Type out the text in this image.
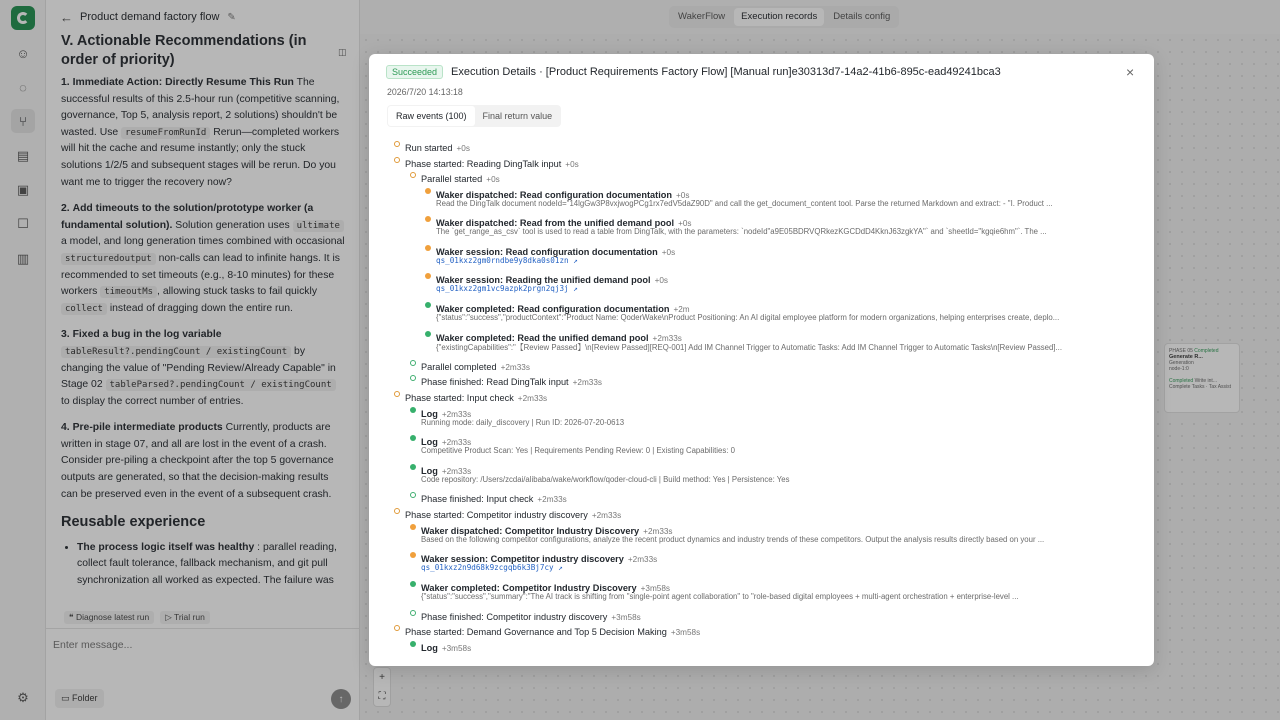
☺
◌
⑂
▤
▣
☐
▥
⚙
← Product demand factory flow ✎
◫
V. Actionable Recommendations (in order of priority)

1. Immediate Action: Directly Resume This Run The successful results of this 2.5-hour run (competitive scanning, governance, Top 5, analysis report, 2 solutions) shouldn't be wasted. Use resumeFromRunId Rerun—completed workers will hit the cache and resume instantly; only the stuck solutions 1/2/5 and subsequent stages will be rerun. Do you want me to trigger the recovery now?

2. Add timeouts to the solution/prototype worker (a fundamental solution). Solution generation uses ultimate a model, and long generation times combined with occasional structuredoutput non-calls can lead to infinite hangs. It is recommended to set timeouts (e.g., 8-10 minutes) for these workers timeoutMs , allowing stuck tasks to fail quickly collect instead of dragging down the entire run.

3. Fixed a bug in the log variable tableResult?.pendingCount / existingCount by changing the value of "Pending Review/Already Capable" in Stage 02 tableParsed?.pendingCount / existingCount to display the correct number of entries.

4. Pre-pile intermediate products Currently, products are written in stage 07, and all are lost in the event of a crash. Consider pre-piling a checkpoint after the top 5 governance outputs are generated, so that the decision-making results can be preserved even in the event of a subsequent crash.

Reusable experience
• The process logic itself was healthy : parallel reading, collect fault tolerance, fallback mechanism, and git pull synchronization all worked as expected. The failure was
❝ Diagnose latest run	▷ Trial run
Enter message...
▭ Folder	↑
WakerFlow	Execution records	Details config
PHASE 05 Completed
Generate R...
Generation
node-1:0
Completed Write int...
Complete Tasks · Tax Assist
+
⛶
Succeeded	Execution Details · [Product Requirements Factory Flow] [Manual run]e30313d7-14a2-41b6-895c-ead49241bca3	×
2026/7/20 14:13:18
Raw events (100)	Final return value
Run started +0s
Phase started: Reading DingTalk input +0s
Parallel started +0s
Waker dispatched: Read configuration documentation +0s
Read the DingTalk document nodeId="14lgGw3P8vxjwogPCg1rx7edV5daZ90D" and call the get_document_content tool. Parse the returned Markdown and extract: - "I. Product ...
Waker dispatched: Read from the unified demand pool +0s
The `get_range_as_csv` tool is used to read a table from DingTalk, with the parameters: `nodeId"a9E05BDRVQRkezKGCDdD4KknJ63zgkYA"` and `sheetId="kgqie6hm"`. The ...
Waker session: Read configuration documentation +0s
qs_01kxz2gm0rndbe9y8dka0s01zn ↗
Waker session: Reading the unified demand pool +0s
qs_01kxz2gm1vc9azpk2prgn2qj3j ↗
Waker completed: Read configuration documentation +2m
{"status":"success","productContext":"Product Name: QoderWake\nProduct Positioning: An AI digital employee platform for modern organizations, helping enterprises create, deplo...
Waker completed: Read the unified demand pool +2m33s
{"existingCapabilities":"【Review Passed】\n[Review Passed][REQ-001] Add IM Channel Trigger to Automatic Tasks: Add IM Channel Trigger to Automatic Tasks\n[Review Passed]...
Parallel completed +2m33s
Phase finished: Read DingTalk input +2m33s
Phase started: Input check +2m33s
Log +2m33s
Running mode: daily_discovery | Run ID: 2026-07-20-0613
Log +2m33s
Competitive Product Scan: Yes | Requirements Pending Review: 0 | Existing Capabilities: 0
Log +2m33s
Code repository: /Users/zcdai/alibaba/wake/workflow/qoder-cloud-cli | Build method: Yes | Persistence: Yes
Phase finished: Input check +2m33s
Phase started: Competitor industry discovery +2m33s
Waker dispatched: Competitor Industry Discovery +2m33s
Based on the following competitor configurations, analyze the recent product dynamics and industry trends of these competitors. Output the analysis results directly based on your ...
Waker session: Competitor industry discovery +2m33s
qs_01kxz2n9d68k9zcgqb6k3Bj7cy ↗
Waker completed: Competitor Industry Discovery +3m58s
{"status":"success","summary":"The AI track is shifting from "single-point agent collaboration" to "role-based digital employees + multi-agent orchestration + enterprise-level ...
Phase finished: Competitor industry discovery +3m58s
Phase started: Demand Governance and Top 5 Decision Making +3m58s
Log +3m58s
